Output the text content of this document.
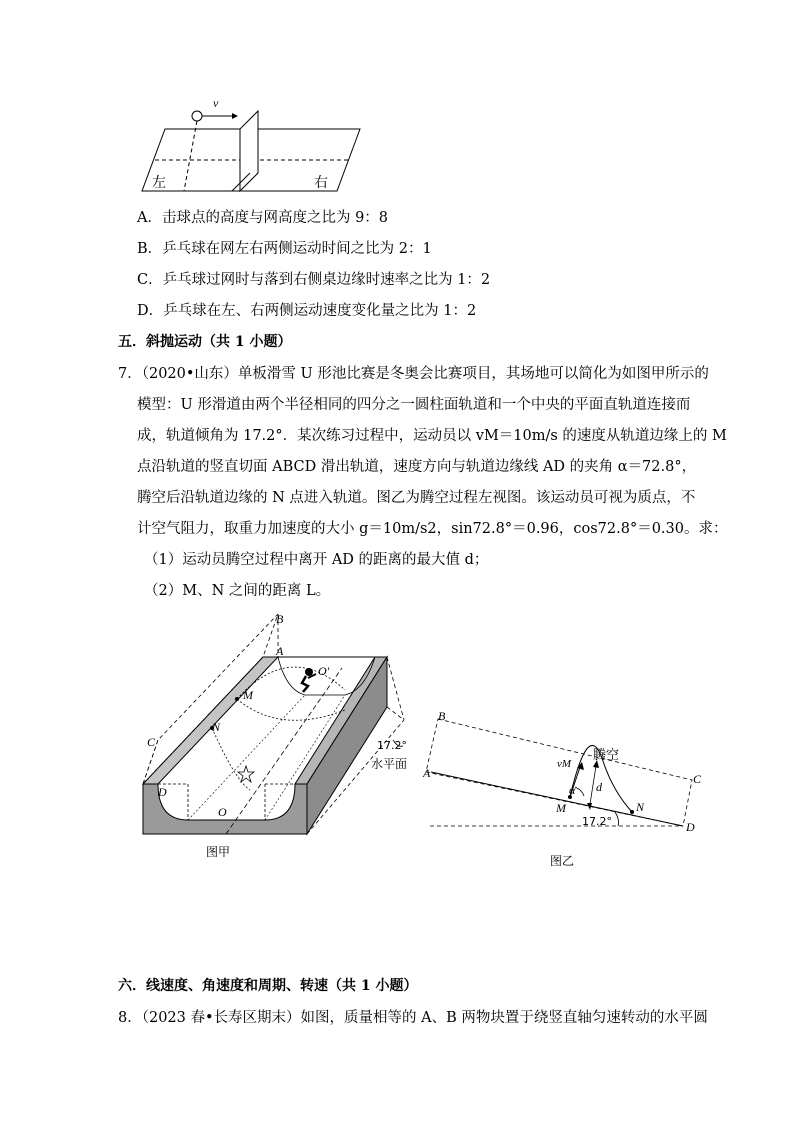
v
左	右
A．击球点的高度与网高度之比为 9：8
B．乒乓球在网左右两侧运动时间之比为 2：1
C．乒乓球过网时与落到右侧桌边缘时速率之比为 1：2
D．乒乓球在左、右两侧运动速度变化量之比为 1：2
五．斜抛运动（共 1 小题）
7．（2020•山东）单板滑雪 U 形池比赛是冬奥会比赛项目，其场地可以简化为如图甲所示的
模型：U 形滑道由两个半径相同的四分之一圆柱面轨道和一个中央的平面直轨道连接而
成，轨道倾角为 17.2°．某次练习过程中，运动员以 vM＝10m/s 的速度从轨道边缘上的 M
点沿轨道的竖直切面 ABCD 滑出轨道，速度方向与轨道边缘线 AD 的夹角 α＝72.8°，
腾空后沿轨道边缘的 N 点进入轨道。图乙为腾空过程左视图。该运动员可视为质点，不
计空气阻力，取重力加速度的大小 g＝10m/s2，sin72.8°＝0.96，cos72.8°＝0.30。求：
（1）运动员腾空过程中离开 AD 的距离的最大值 d；
（2）M、N 之间的距离 L。
B
A
C
D
M
N
O
O'
17.2°
水平面
图甲
B
A	C
D
M	N
vM
α d
腾空
17.2°
图乙
六．线速度、角速度和周期、转速（共 1 小题）
8．（2023 春•长寿区期末）如图，质量相等的 A、B 两物块置于绕竖直轴匀速转动的水平圆
